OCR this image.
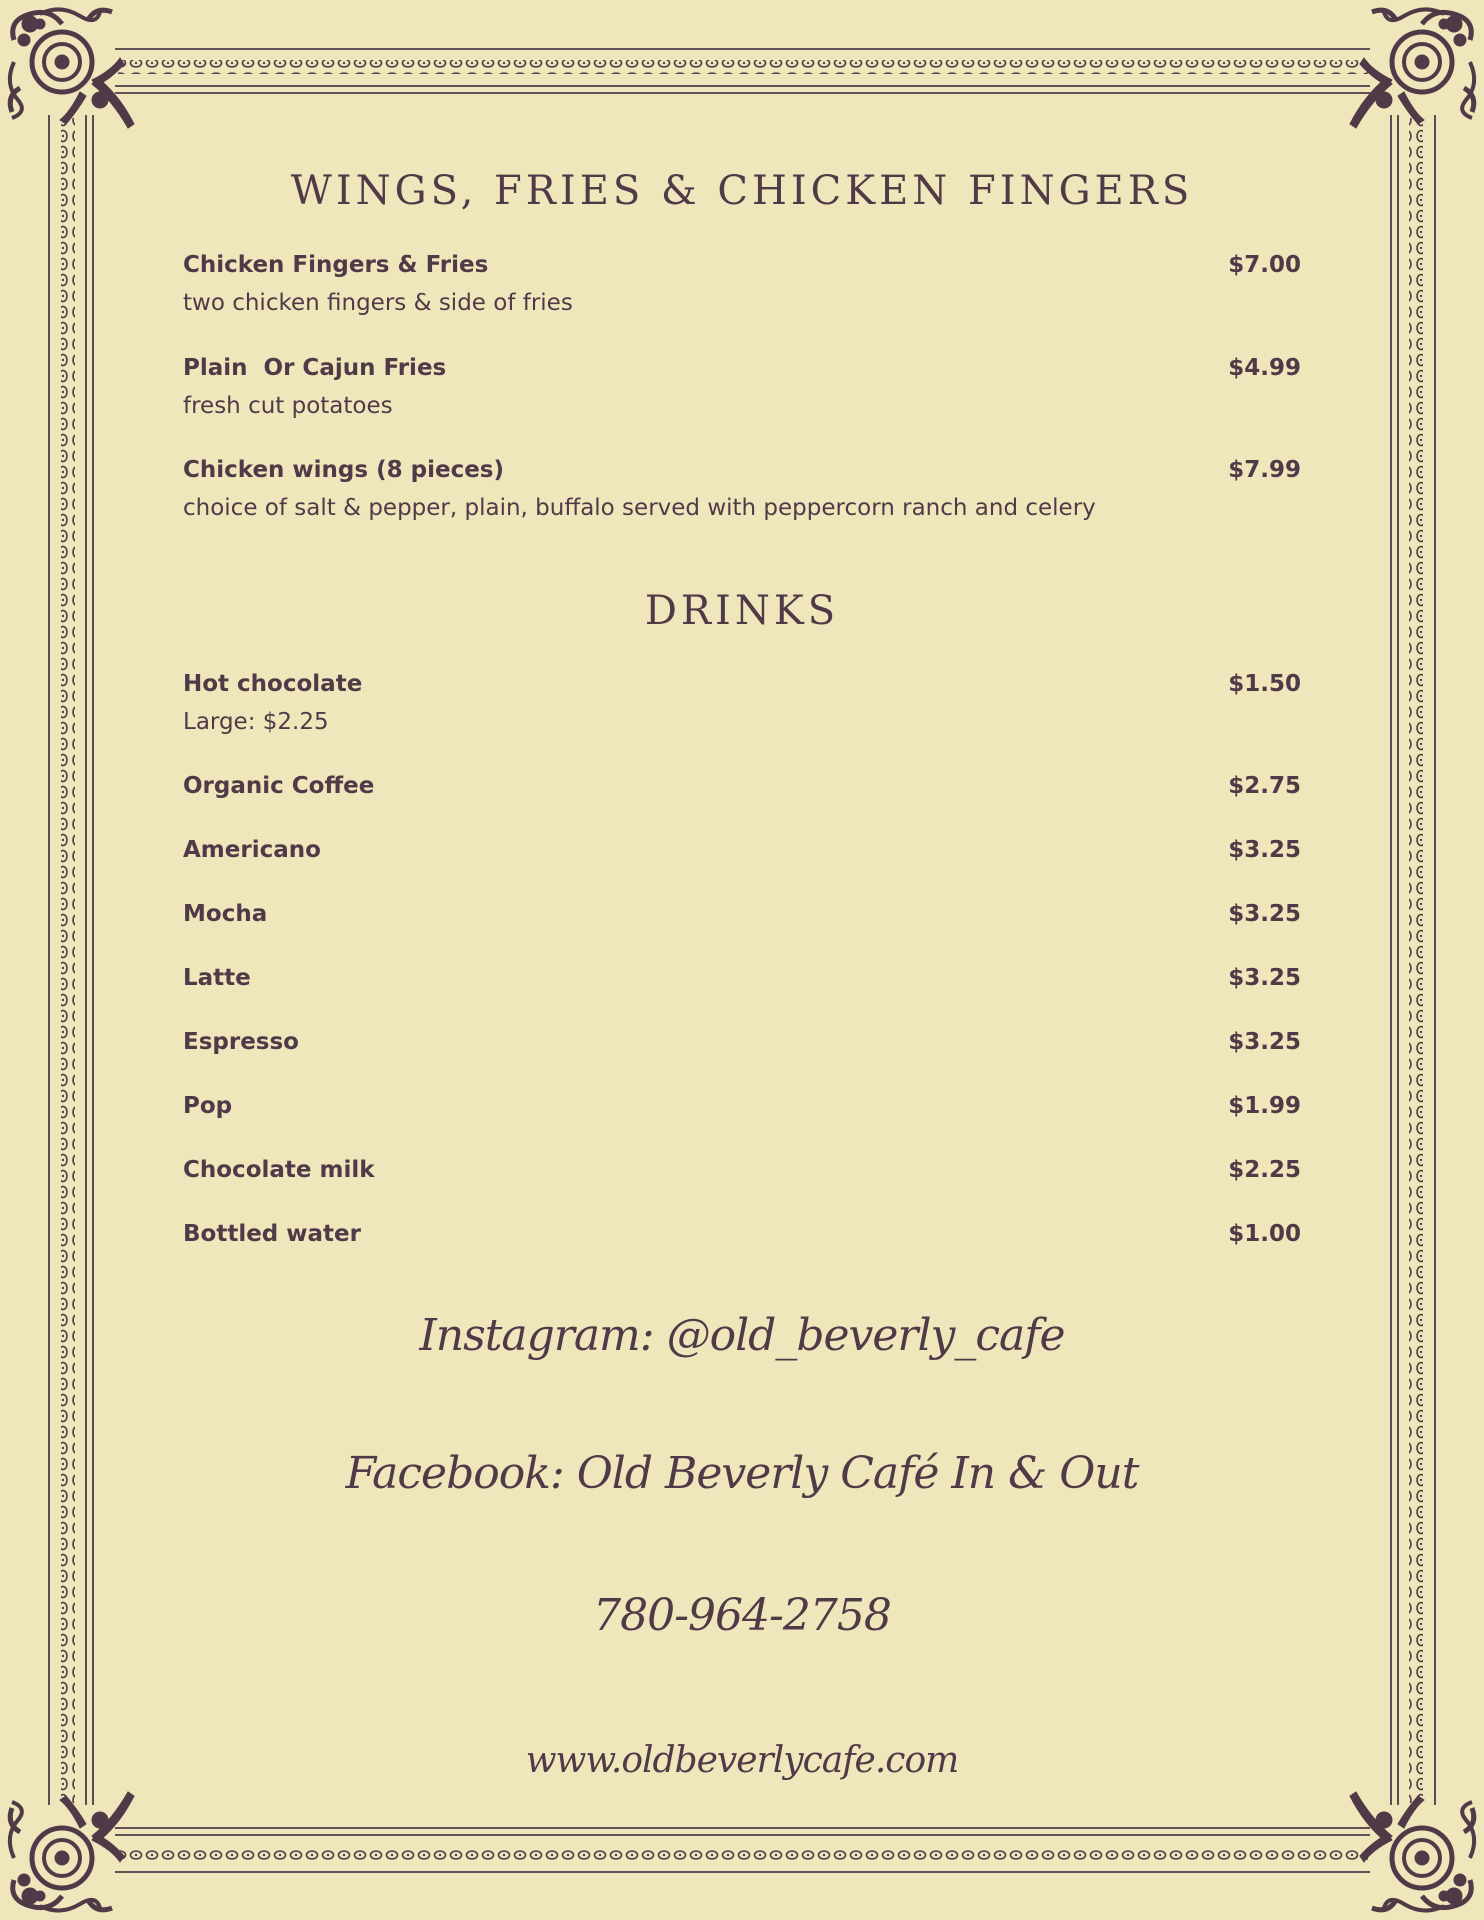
WINGS, FRIES & CHICKEN FINGERS
Chicken Fingers & Fries	$7.00
two chicken fingers & side of fries
Plain  Or Cajun Fries	$4.99
fresh cut potatoes
Chicken wings (8 pieces)	$7.99
choice of salt & pepper, plain, buffalo served with peppercorn ranch and celery
DRINKS
Hot chocolate	$1.50
Large: $2.25
Organic Coffee	$2.75
Americano	$3.25
Mocha	$3.25
Latte	$3.25
Espresso	$3.25
Pop	$1.99
Chocolate milk	$2.25
Bottled water	$1.00
Instagram: @old_beverly_cafe
Facebook: Old Beverly Café In & Out
780-964-2758
www.oldbeverlycafe.com
